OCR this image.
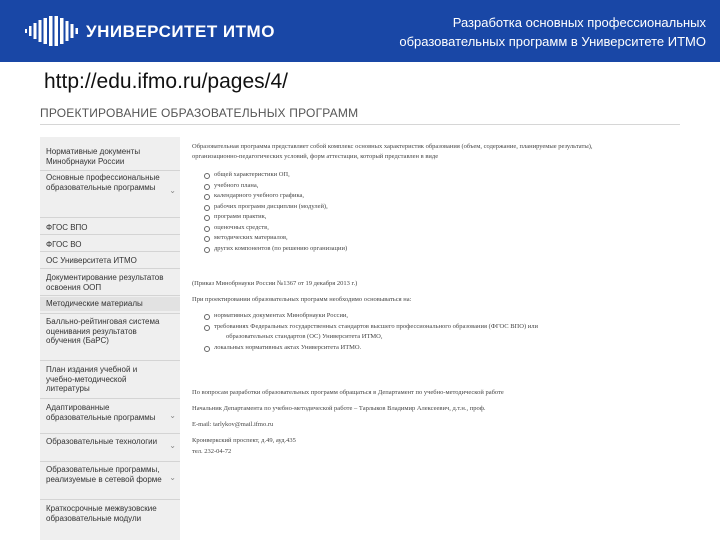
УНИВЕРСИТЕТ ИТМО	Разработка основных профессиональных
образовательных программ в Университете ИТМО
http://edu.ifmo.ru/pages/4/
ПРОЕКТИРОВАНИЕ ОБРАЗОВАТЕЛЬНЫХ ПРОГРАММ
Нормативные документы Минобрнауки России
Основные профессиональные образовательные программы ⌄
ФГОС ВПО
ФГОС ВО
ОС Университета ИТМО
Документирование результатов освоения ООП
Методические материалы
Балльно-рейтинговая система оценивания результатов обучения (БаРС)
План издания учебной и учебно-методической литературы
Адаптированные образовательные программы ⌄
Образовательные технологии ⌄
Образовательные программы, реализуемые в сетевой форме ⌄
Краткосрочные межвузовские образовательные модули
Образовательная программа представляет собой комплекс основных характеристик образования (объем, содержание, планируемые результаты), организационно-педагогических условий, форм аттестации, который представлен в виде
общей характеристики ОП,
учебного плана,
календарного учебного графика,
рабочих программ дисциплин (модулей),
программ практик,
оценочных средств,
методических материалов,
других компонентов (по решению организации)
(Приказ Минобрнауки России №1367 от 19 декабря 2013 г.)
При проектировании образовательных программ необходимо основываться на:
нормативных документах Минобрнауки России,
требованиях Федеральных государственных стандартов высшего профессионального образования (ФГОС ВПО) или
образовательных стандартов (ОС) Университета ИТМО,
локальных нормативных актах Университета ИТМО.
По вопросам разработки образовательных программ обращаться в Департамент по учебно-методической работе
Начальник Департамента по учебно-методической работе – Тарлыков Владимир Алексеевич, д.т.н., проф.
E-mail: tarlykov@mail.ifmo.ru
Кронверкский проспект, д.49, ауд.435
тел. 232-04-72
